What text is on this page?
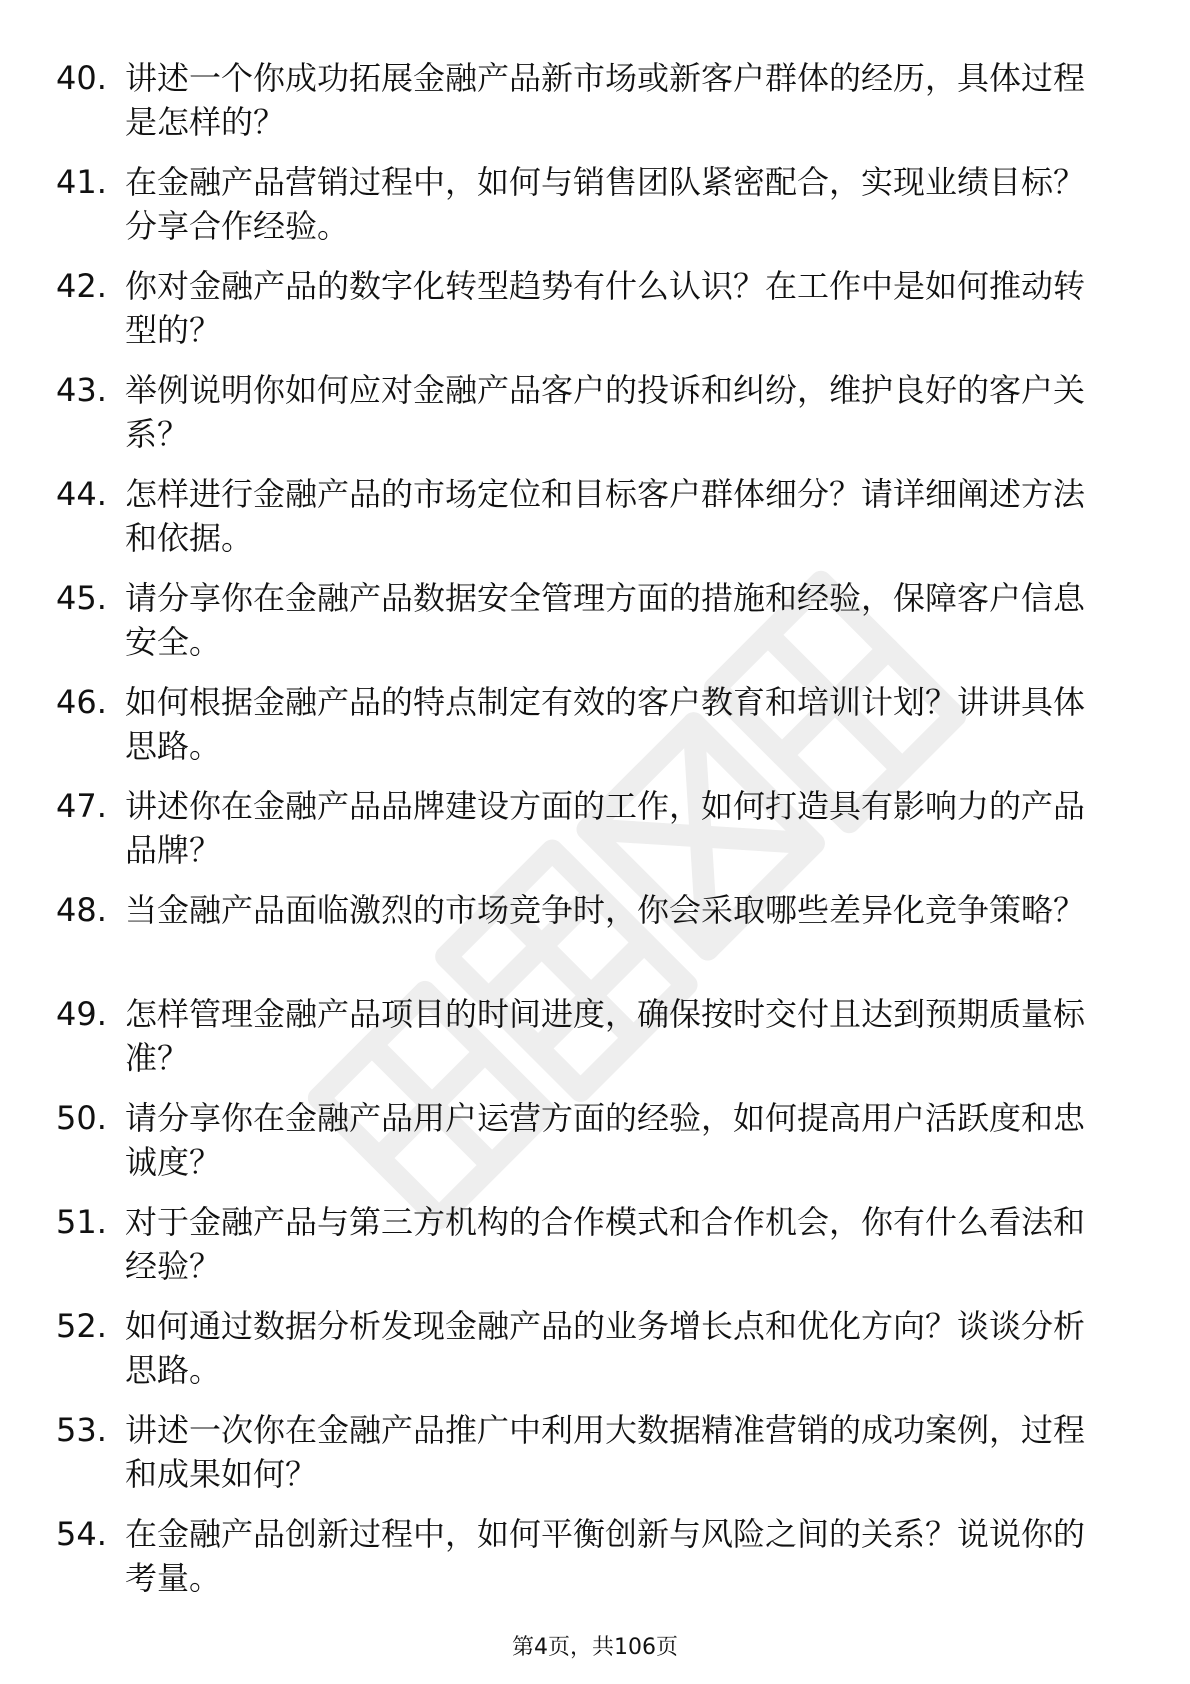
40. 讲述一个你成功拓展金融产品新市场或新客户群体的经历，具体过程是怎样的？
41. 在金融产品营销过程中，如何与销售团队紧密配合，实现业绩目标？分享合作经验。
42. 你对金融产品的数字化转型趋势有什么认识？在工作中是如何推动转型的？
43. 举例说明你如何应对金融产品客户的投诉和纠纷，维护良好的客户关系？
44. 怎样进行金融产品的市场定位和目标客户群体细分？请详细阐述方法和依据。
45. 请分享你在金融产品数据安全管理方面的措施和经验，保障客户信息安全。
46. 如何根据金融产品的特点制定有效的客户教育和培训计划？讲讲具体思路。
47. 讲述你在金融产品品牌建设方面的工作，如何打造具有影响力的产品品牌？
48. 当金融产品面临激烈的市场竞争时，你会采取哪些差异化竞争策略？
49. 怎样管理金融产品项目的时间进度，确保按时交付且达到预期质量标准？
50. 请分享你在金融产品用户运营方面的经验，如何提高用户活跃度和忠诚度？
51. 对于金融产品与第三方机构的合作模式和合作机会，你有什么看法和经验？
52. 如何通过数据分析发现金融产品的业务增长点和优化方向？谈谈分析思路。
53. 讲述一次你在金融产品推广中利用大数据精准营销的成功案例，过程和成果如何？
54. 在金融产品创新过程中，如何平衡创新与风险之间的关系？说说你的考量。
第4页，共106页
